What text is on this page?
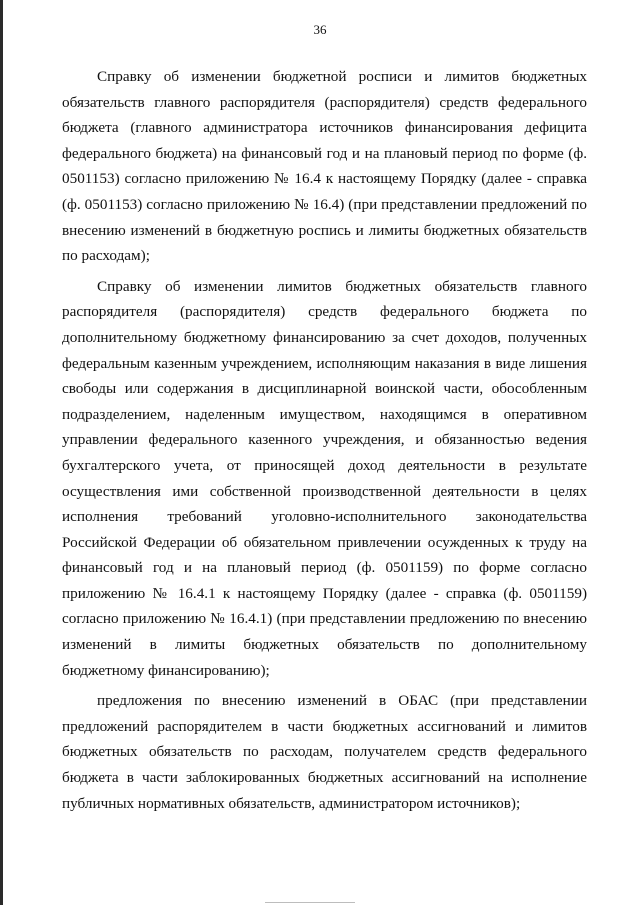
36

Справку об изменении бюджетной росписи и лимитов бюджетных обязательств главного распорядителя (распорядителя) средств федерального бюджета (главного администратора источников финансирования дефицита федерального бюджета) на финансовый год и на плановый период по форме (ф. 0501153) согласно приложению № 16.4 к настоящему Порядку (далее - справка (ф. 0501153) согласно приложению № 16.4) (при представлении предложений по внесению изменений в бюджетную роспись и лимиты бюджетных обязательств по расходам);

Справку об изменении лимитов бюджетных обязательств главного распорядителя (распорядителя) средств федерального бюджета по дополнительному бюджетному финансированию за счет доходов, полученных федеральным казенным учреждением, исполняющим наказания в виде лишения свободы или содержания в дисциплинарной воинской части, обособленным подразделением, наделенным имуществом, находящимся в оперативном управлении федерального казенного учреждения, и обязанностью ведения бухгалтерского учета, от приносящей доход деятельности в результате осуществления ими собственной производственной деятельности в целях исполнения требований уголовно-исполнительного законодательства Российской Федерации об обязательном привлечении осужденных к труду на финансовый год и на плановый период (ф. 0501159) по форме согласно приложению № 16.4.1 к настоящему Порядку (далее - справка (ф. 0501159) согласно приложению № 16.4.1) (при представлении предложению по внесению изменений в лимиты бюджетных обязательств по дополнительному бюджетному финансированию);

предложения по внесению изменений в ОБАС (при представлении предложений распорядителем в части бюджетных ассигнований и лимитов бюджетных обязательств по расходам, получателем средств федерального бюджета в части заблокированных бюджетных ассигнований на исполнение публичных нормативных обязательств, администратором источников);
